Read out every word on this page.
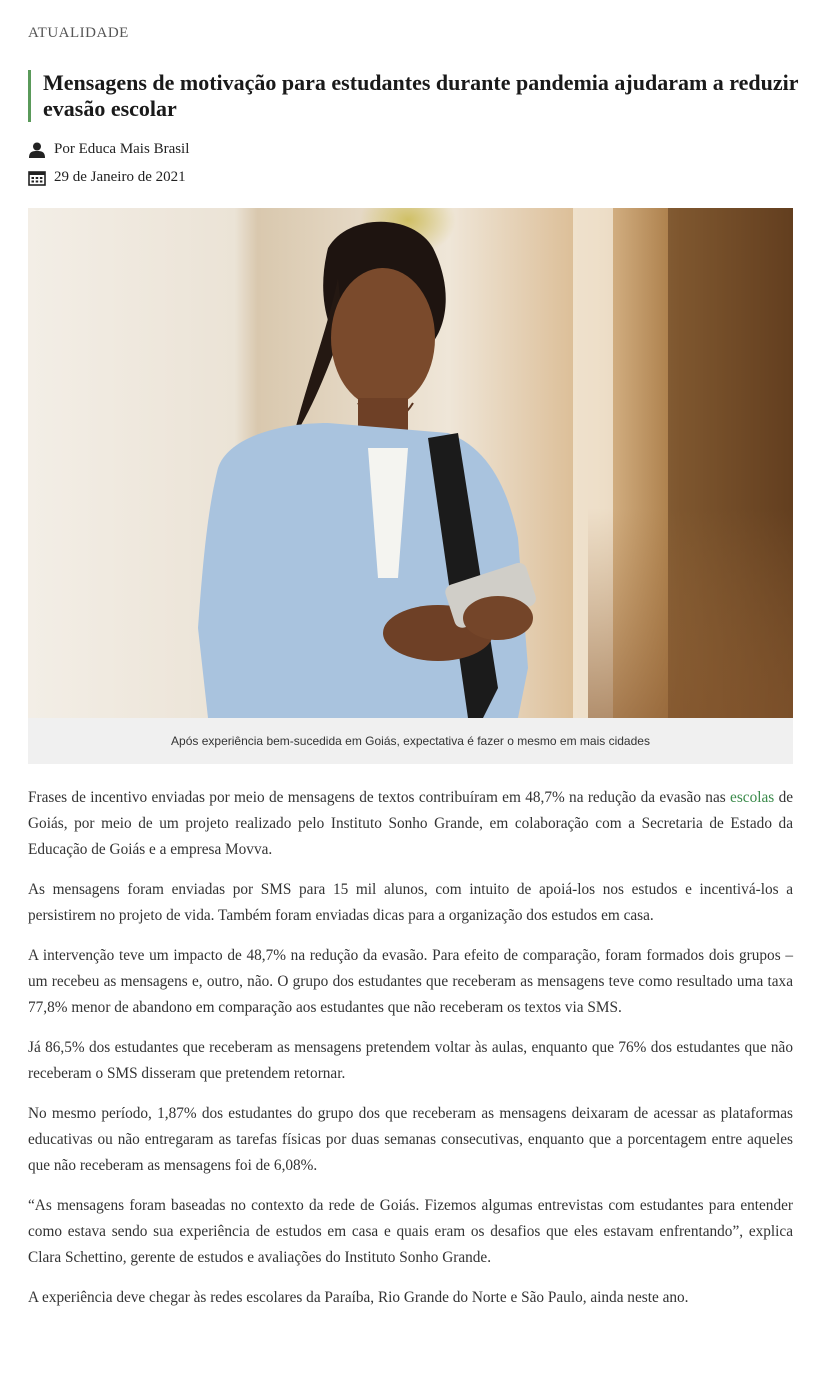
ATUALIDADE
Mensagens de motivação para estudantes durante pandemia ajudaram a reduzir evasão escolar
Por Educa Mais Brasil
29 de Janeiro de 2021
Após experiência bem-sucedida em Goiás, expectativa é fazer o mesmo em mais cidades

Frases de incentivo enviadas por meio de mensagens de textos contribuíram em 48,7% na redução da evasão nas escolas de Goiás, por meio de um projeto realizado pelo Instituto Sonho Grande, em colaboração com a Secretaria de Estado da Educação de Goiás e a empresa Movva.

As mensagens foram enviadas por SMS para 15 mil alunos, com intuito de apoiá-los nos estudos e incentivá-los a persistirem no projeto de vida. Também foram enviadas dicas para a organização dos estudos em casa.

A intervenção teve um impacto de 48,7% na redução da evasão. Para efeito de comparação, foram formados dois grupos – um recebeu as mensagens e, outro, não. O grupo dos estudantes que receberam as mensagens teve como resultado uma taxa 77,8% menor de abandono em comparação aos estudantes que não receberam os textos via SMS.

Já 86,5% dos estudantes que receberam as mensagens pretendem voltar às aulas, enquanto que 76% dos estudantes que não receberam o SMS disseram que pretendem retornar.

No mesmo período, 1,87% dos estudantes do grupo dos que receberam as mensagens deixaram de acessar as plataformas educativas ou não entregaram as tarefas físicas por duas semanas consecutivas, enquanto que a porcentagem entre aqueles que não receberam as mensagens foi de 6,08%.

“As mensagens foram baseadas no contexto da rede de Goiás. Fizemos algumas entrevistas com estudantes para entender como estava sendo sua experiência de estudos em casa e quais eram os desafios que eles estavam enfrentando”, explica Clara Schettino, gerente de estudos e avaliações do Instituto Sonho Grande.

A experiência deve chegar às redes escolares da Paraíba, Rio Grande do Norte e São Paulo, ainda neste ano.
